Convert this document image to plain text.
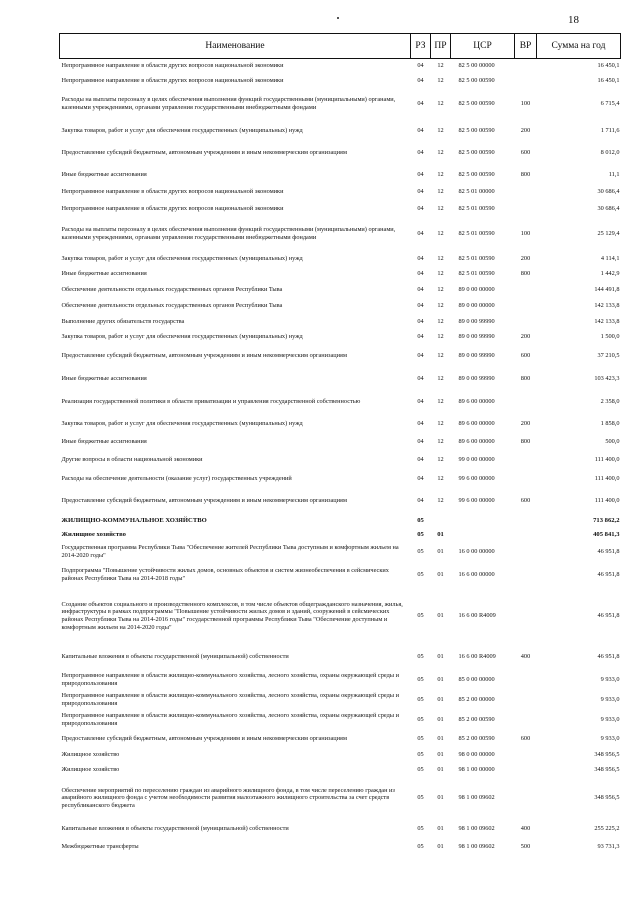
18
Наименование	РЗ	ПР	ЦСР	ВР	Сумма на год
Непрограммное направление в области других вопросов национальной экономики	04	12	82 5 00 00000		16 450,1
Непрограммное направление в области других вопросов национальной экономики	04	12	82 5 00 00590		16 450,1
Расходы на выплаты персоналу в целях обеспечения выполнения функций государственными (муниципальными) органами, казенными учреждениями, органами управления государственными внебюджетными фондами	04	12	82 5 00 00590	100	6 715,4
Закупка товаров, работ и услуг для обеспечения государственных (муниципальных) нужд	04	12	82 5 00 00590	200	1 711,6
Предоставление субсидий бюджетным, автономным учреждениям и иным некоммерческим организациям	04	12	82 5 00 00590	600	8 012,0
Иные бюджетные ассигнования	04	12	82 5 00 00590	800	11,1
Непрограммное направление в области других вопросов национальной экономики	04	12	82 5 01 00000		30 686,4
Непрограммное направление в области других вопросов национальной экономики	04	12	82 5 01 00590		30 686,4
Расходы на выплаты персоналу в целях обеспечения выполнения функций государственными (муниципальными) органами, казенными учреждениями, органами управления государственными внебюджетными фондами	04	12	82 5 01 00590	100	25 129,4
Закупка товаров, работ и услуг для обеспечения государственных (муниципальных) нужд	04	12	82 5 01 00590	200	4 114,1
Иные бюджетные ассигнования	04	12	82 5 01 00590	800	1 442,9
Обеспечение деятельности отдельных государственных органов Республики Тыва	04	12	89 0 00 00000		144 491,8
Обеспечение деятельности отдельных государственных органов Республики Тыва	04	12	89 0 00 00000		142 133,8
Выполнение других обязательств государства	04	12	89 0 00 99990		142 133,8
Закупка товаров, работ и услуг для обеспечения государственных (муниципальных) нужд	04	12	89 0 00 99990	200	1 500,0
Предоставление субсидий бюджетным, автономным учреждениям и иным некоммерческим организациям	04	12	89 0 00 99990	600	37 210,5
Иные бюджетные ассигнования	04	12	89 0 00 99990	800	103 423,3
Реализация государственной политики в области приватизации и управления государственной собственностью	04	12	89 6 00 00000		2 358,0
Закупка товаров, работ и услуг для обеспечения государственных (муниципальных) нужд	04	12	89 6 00 00000	200	1 858,0
Иные бюджетные ассигнования	04	12	89 6 00 00000	800	500,0
Другие вопросы в области национальной экономики	04	12	99 0 00 00000		111 400,0
Расходы на обеспечение деятельности (оказание услуг) государственных учреждений	04	12	99 6 00 00000		111 400,0
Предоставление субсидий бюджетным, автономным учреждениям и иным некоммерческим организациям	04	12	99 6 00 00000	600	111 400,0
ЖИЛИЩНО-КОММУНАЛЬНОЕ ХОЗЯЙСТВО	05				713 862,2
Жилищное хозяйство	05	01			405 841,3
Государственная программа Республики Тыва "Обеспечение жителей Республики Тыва доступным и комфортным жильем на 2014-2020 годы"	05	01	16 0 00 00000		46 951,8
Подпрограмма "Повышение устойчивости жилых домов, основных объектов и систем жизнеобеспечения в сейсмических районах Республики Тыва на 2014-2018 годы"	05	01	16 6 00 00000		46 951,8
Создание объектов социального и производственного комплексов, в том числе объектов общегражданского назначения, жилья, инфраструктуры в рамках подпрограммы "Повышение устойчивости жилых домов и зданий, сооружений в сейсмических районах Республики Тыва на 2014-2016 годы" государственной программы Республики Тыва "Обеспечение доступным и комфортным жильем на 2014-2020 годы"	05	01	16 6 00 R4009		46 951,8
Капитальные вложения в объекты государственной (муниципальной) собственности	05	01	16 6 00 R4009	400	46 951,8
Непрограммное направление в области жилищно-коммунального хозяйства, лесного хозяйства, охраны окружающей среды и природопользования	05	01	85 0 00 00000		9 933,0
Непрограммное направление в области жилищно-коммунального хозяйства, лесного хозяйства, охраны окружающей среды и природопользования	05	01	85 2 00 00000		9 933,0
Непрограммное направление в области жилищно-коммунального хозяйства, лесного хозяйства, охраны окружающей среды и природопользования	05	01	85 2 00 00590		9 933,0
Предоставление субсидий бюджетным, автономным учреждениям и иным некоммерческим организациям	05	01	85 2 00 00590	600	9 933,0
Жилищное хозяйство	05	01	98 0 00 00000		348 956,5
Жилищное хозяйство	05	01	98 1 00 00000		348 956,5
Обеспечение мероприятий по переселению граждан из аварийного жилищного фонда, в том числе переселению граждан из аварийного жилищного фонда с учетом необходимости развития малоэтажного жилищного строительства за счет средств республиканского бюджета	05	01	98 1 00 09602		348 956,5
Капитальные вложения в объекты государственной (муниципальной) собственности	05	01	98 1 00 09602	400	255 225,2
Межбюджетные трансферты	05	01	98 1 00 09602	500	93 731,3
